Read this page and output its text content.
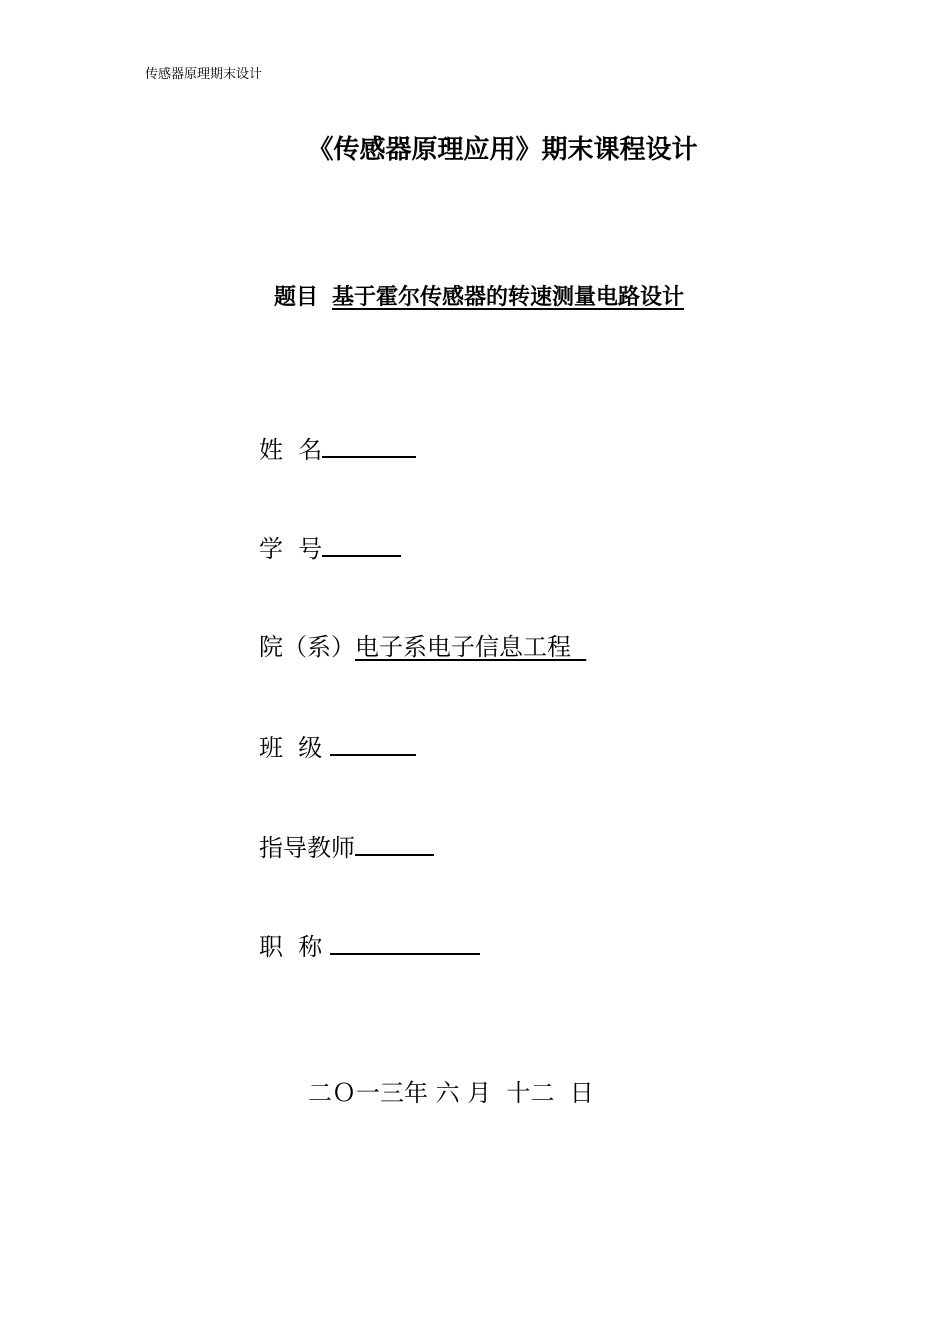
传感器原理期末设计
《传感器原理应用》期末课程设计
题目 基于霍尔传感器的转速测量电路设计
姓  名
学  号
院（系）电子系电子信息工程
班  级
指导教师
职  称
二Ｏ一三年 六 月  十二  日
